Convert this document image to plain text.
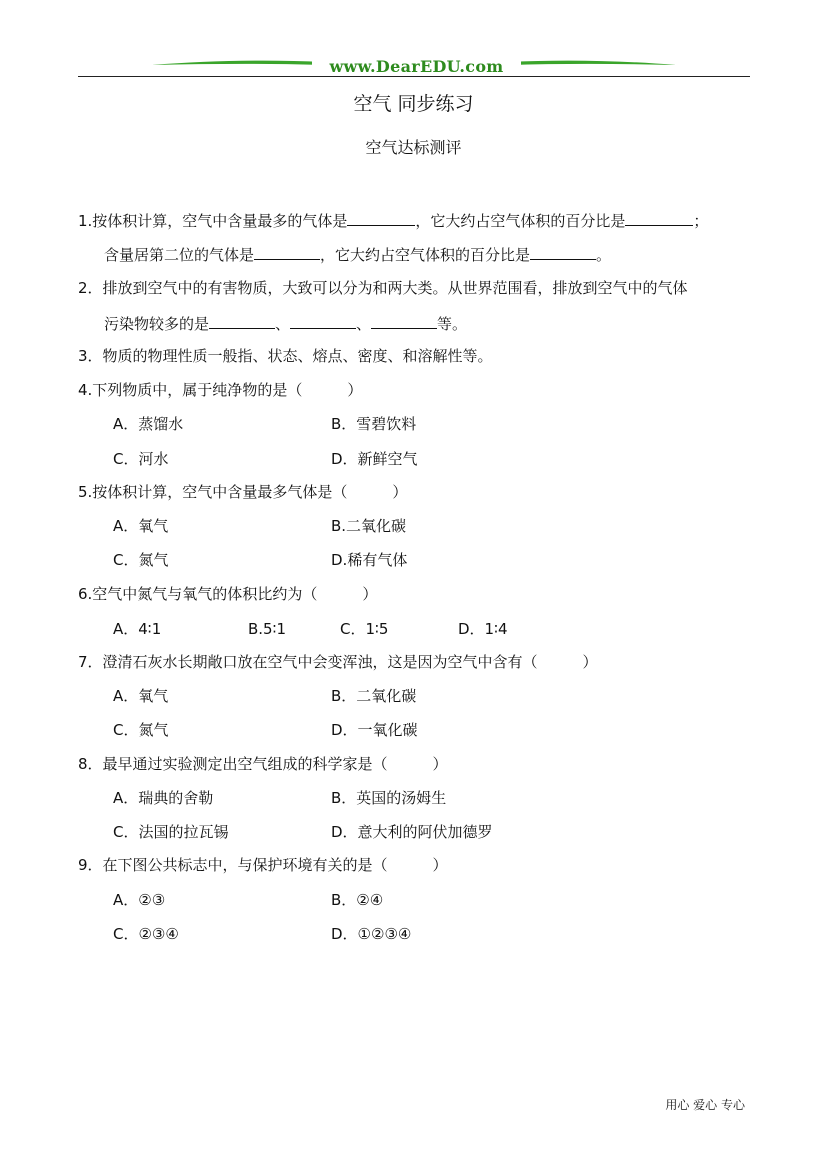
www.DearEDU.com
空气 同步练习
空气达标测评
1.按体积计算，空气中含量最多的气体是	，它大约占空气体积的百分比是	；
含量居第二位的气体是	，它大约占空气体积的百分比是	。
2．排放到空气中的有害物质，大致可以分为和两大类。从世界范围看，排放到空气中的气体
污染物较多的是	、	、	等。
3．物质的物理性质一般指、状态、熔点、密度、和溶解性等。
4.下列物质中，属于纯净物的是（　　　）
A．蒸馏水	B．雪碧饮料
C．河水	D．新鲜空气
5.按体积计算，空气中含量最多气体是（　　　）
A．氧气	B.二氧化碳
C．氮气	D.稀有气体
6.空气中氮气与氧气的体积比约为（　　　）
A．4∶1	B.5∶1	C．1∶5	D．1∶4
7．澄清石灰水长期敞口放在空气中会变浑浊，这是因为空气中含有（　　　）
A．氧气	B．二氧化碳
C．氮气	D．一氧化碳
8．最早通过实验测定出空气组成的科学家是（　　　）
A．瑞典的舍勒	B．英国的汤姆生
C．法国的拉瓦锡	D．意大利的阿伏加德罗
9．在下图公共标志中，与保护环境有关的是（　　　）
A．②③	B．②④
C．②③④	D．①②③④
用心 爱心 专心
